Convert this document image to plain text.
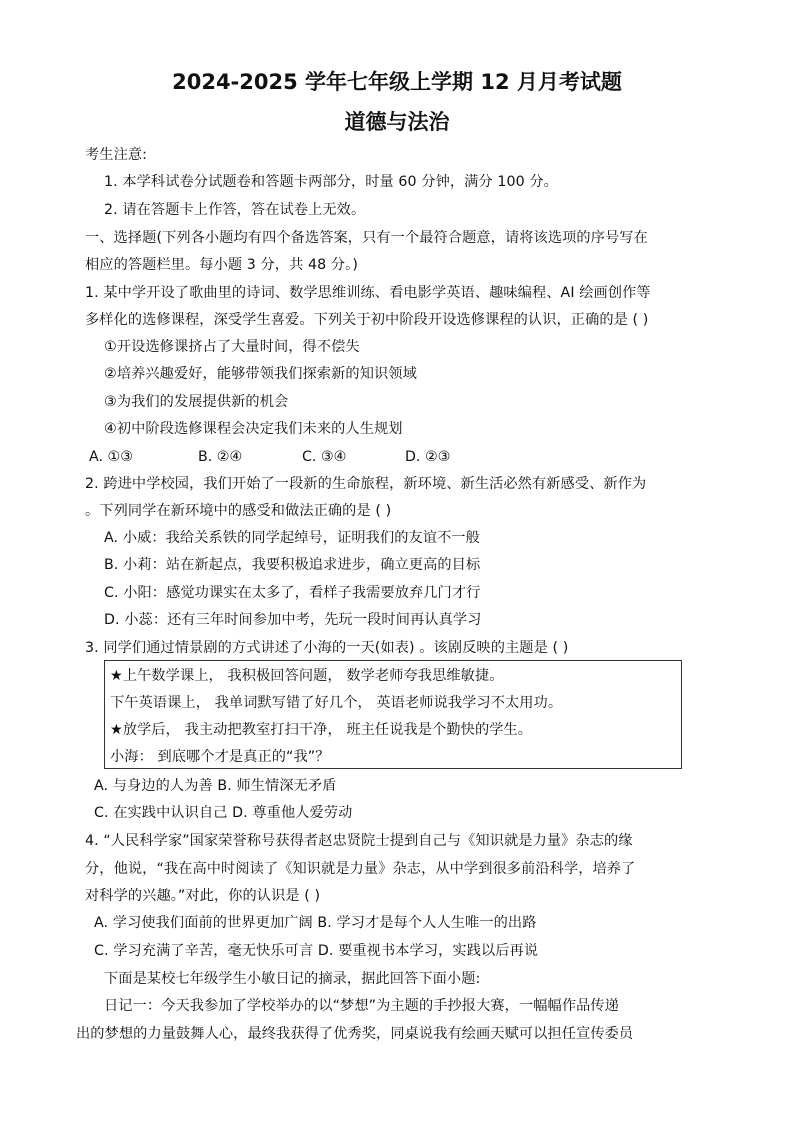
2024-2025 学年七年级上学期 12 月月考试题
道德与法治
考生注意:
1. 本学科试卷分试题卷和答题卡两部分，时量 60 分钟，满分 100 分。
2. 请在答题卡上作答，答在试卷上无效。
一、选择题(下列各小题均有四个备选答案，只有一个最符合题意，请将该选项的序号写在
相应的答题栏里。每小题 3 分，共 48 分。)
1. 某中学开设了歌曲里的诗词、数学思维训练、看电影学英语、趣味编程、AI 绘画创作等
多样化的选修课程，深受学生喜爱。下列关于初中阶段开设选修课程的认识，正确的是 ( )
①开设选修课挤占了大量时间，得不偿失
②培养兴趣爱好，能够带领我们探索新的知识领域
③为我们的发展提供新的机会
④初中阶段选修课程会决定我们未来的人生规划
A. ①③	B. ②④	C. ③④	D. ②③
2. 跨进中学校园，我们开始了一段新的生命旅程，新环境、新生活必然有新感受、新作为
。下列同学在新环境中的感受和做法正确的是 ( )
A. 小威：我给关系铁的同学起绰号，证明我们的友谊不一般
B. 小莉：站在新起点，我要积极追求进步，确立更高的目标
C. 小阳：感觉功课实在太多了，看样子我需要放弃几门才行
D. 小蕊：还有三年时间参加中考，先玩一段时间再认真学习
3. 同学们通过情景剧的方式讲述了小海的一天(如表) 。该剧反映的主题是 ( )
★上午数学课上， 我积极回答问题， 数学老师夸我思维敏捷。
下午英语课上， 我单词默写错了好几个， 英语老师说我学习不太用功。
★放学后， 我主动把教室打扫干净， 班主任说我是个勤快的学生。
小海： 到底哪个才是真正的“我”？
A. 与身边的人为善 B. 师生情深无矛盾
C. 在实践中认识自己 D. 尊重他人爱劳动
4. “人民科学家”国家荣誉称号获得者赵忠贤院士提到自己与《知识就是力量》杂志的缘
分，他说，“我在高中时阅读了《知识就是力量》杂志，从中学到很多前沿科学，培养了
对科学的兴趣。”对此，你的认识是 ( )
A. 学习使我们面前的世界更加广阔 B. 学习才是每个人人生唯一的出路
C. 学习充满了辛苦，毫无快乐可言 D. 要重视书本学习，实践以后再说
下面是某校七年级学生小敏日记的摘录，据此回答下面小题:
日记一：今天我参加了学校举办的以“梦想”为主题的手抄报大赛，一幅幅作品传递
出的梦想的力量鼓舞人心，最终我获得了优秀奖，同桌说我有绘画天赋可以担任宣传委员
